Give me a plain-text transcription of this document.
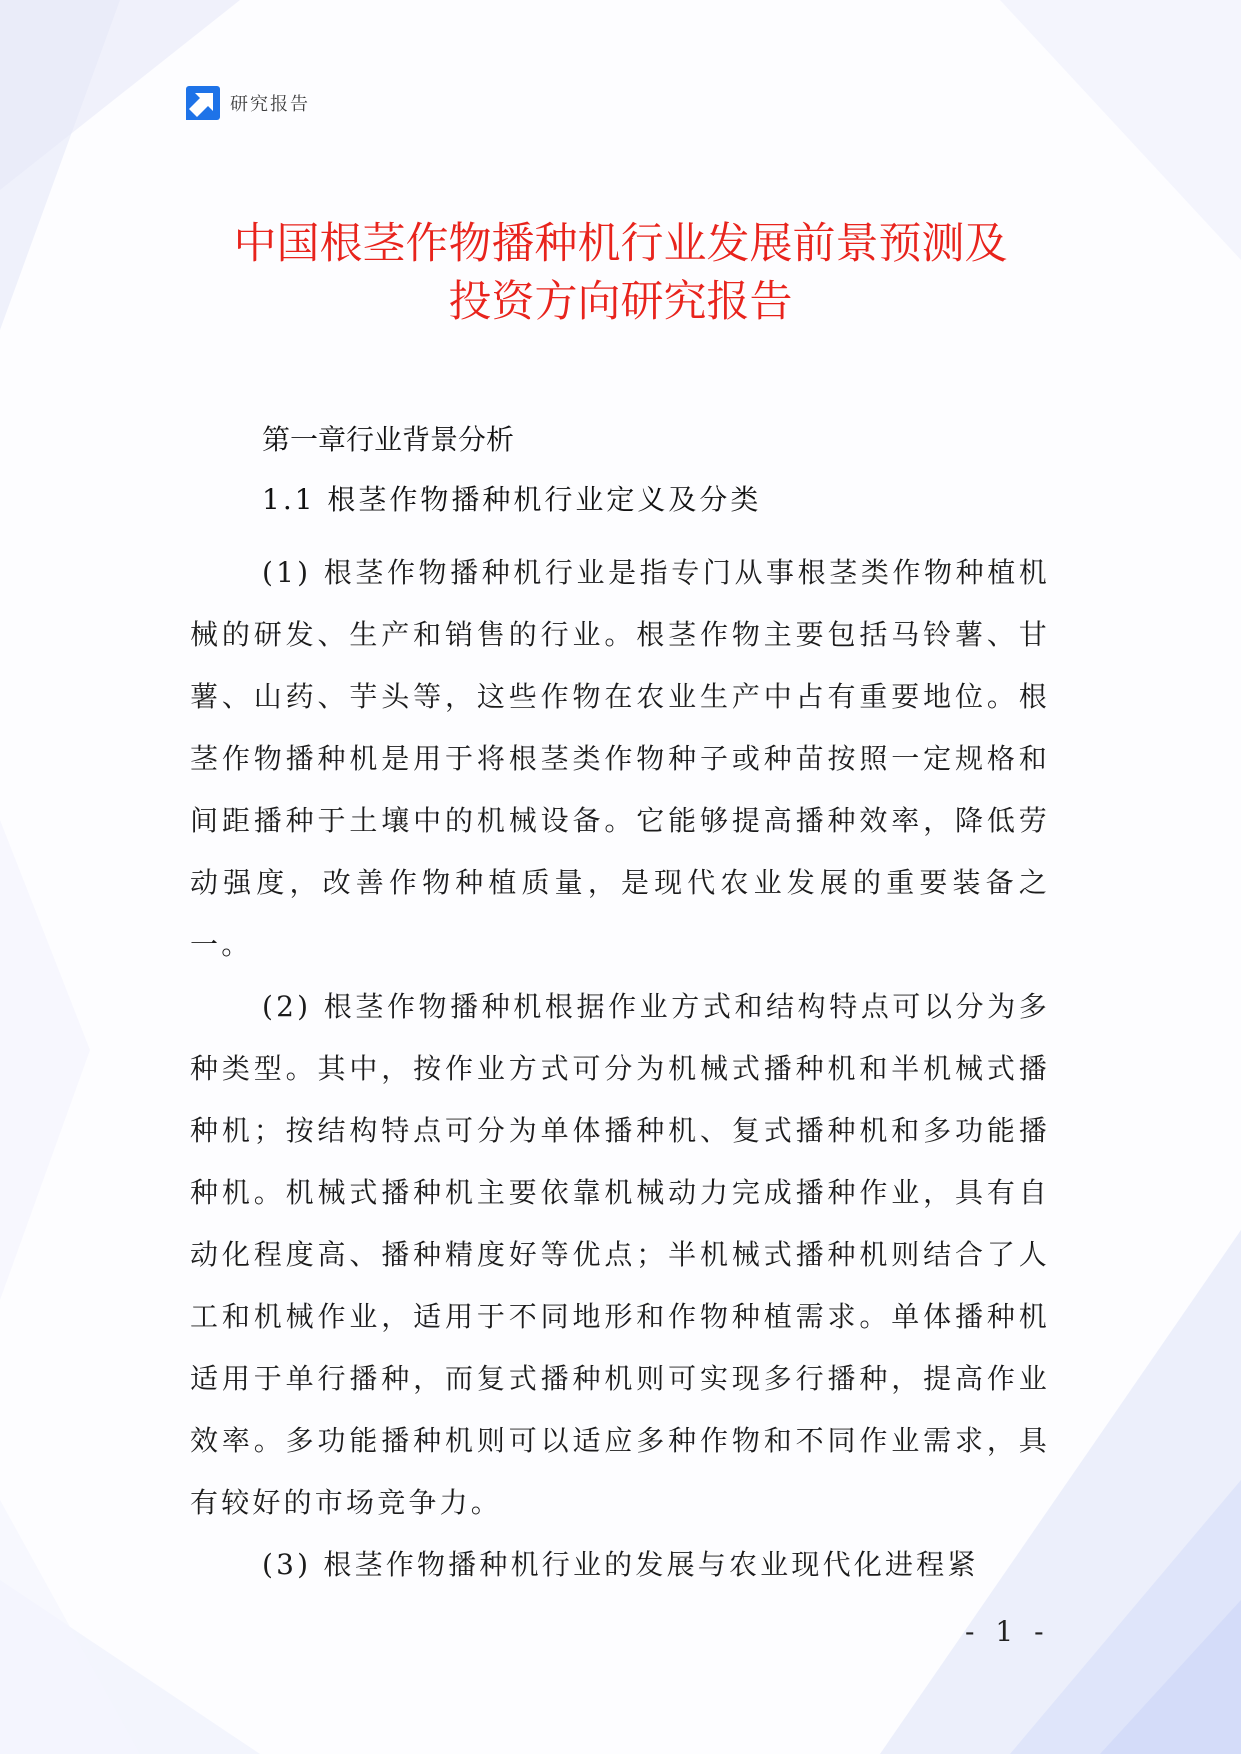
研究报告
中国根茎作物播种机行业发展前景预测及
投资方向研究报告
第一章行业背景分析
1.1 根茎作物播种机行业定义及分类

(1) 根茎作物播种机行业是指专门从事根茎类作物种植机械的研发、生产和销售的行业。根茎作物主要包括马铃薯、甘薯、山药、芋头等，这些作物在农业生产中占有重要地位。根茎作物播种机是用于将根茎类作物种子或种苗按照一定规格和间距播种于土壤中的机械设备。它能够提高播种效率，降低劳动强度，改善作物种植质量，是现代农业发展的重要装备之一。

(2) 根茎作物播种机根据作业方式和结构特点可以分为多种类型。其中，按作业方式可分为机械式播种机和半机械式播种机；按结构特点可分为单体播种机、复式播种机和多功能播种机。机械式播种机主要依靠机械动力完成播种作业，具有自动化程度高、播种精度好等优点；半机械式播种机则结合了人工和机械作业，适用于不同地形和作物种植需求。单体播种机适用于单行播种，而复式播种机则可实现多行播种，提高作业效率。多功能播种机则可以适应多种作物和不同作业需求，具有较好的市场竞争力。

(3) 根茎作物播种机行业的发展与农业现代化进程紧

- 1 -
